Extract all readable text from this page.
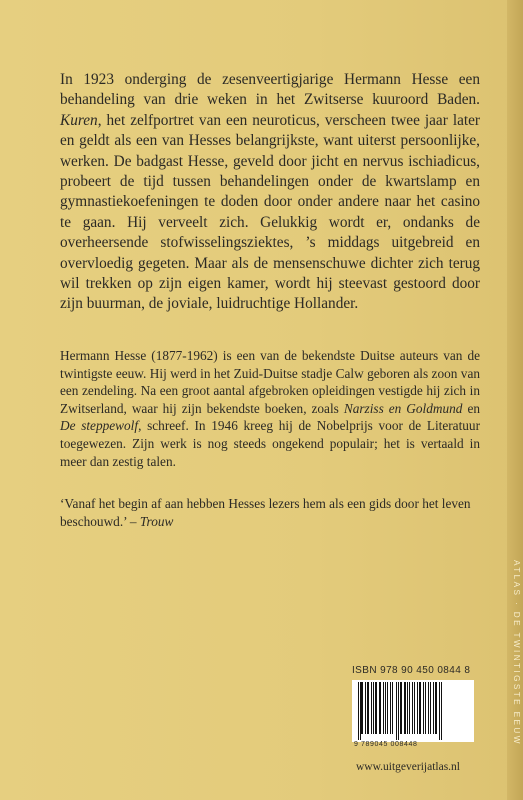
In 1923 onderging de zesenveertigjarige Hermann Hesse een behandeling van drie weken in het Zwitserse kuuroord Baden. Kuren, het zelfportret van een neuroticus, verscheen twee jaar later en geldt als een van Hesses belangrijkste, want uiterst persoonlijke, werken. De badgast Hesse, geveld door jicht en nervus ischiadicus, probeert de tijd tussen behandelingen onder de kwartslamp en gymnastiekoefeningen te doden door onder andere naar het casino te gaan. Hij verveelt zich. Gelukkig wordt er, ondanks de overheersende stofwisselingsziektes, ’s middags uitgebreid en overvloedig gegeten. Maar als de mensenschuwe dichter zich terug wil trekken op zijn eigen kamer, wordt hij steevast gestoord door zijn buurman, de joviale, luidruchtige Hollander.

Hermann Hesse (1877-1962) is een van de bekendste Duitse auteurs van de twintigste eeuw. Hij werd in het Zuid-Duitse stadje Calw geboren als zoon van een zendeling. Na een groot aantal afgebroken opleidingen vestigde hij zich in Zwitserland, waar hij zijn bekendste boeken, zoals Narziss en Goldmund en De steppewolf, schreef. In 1946 kreeg hij de Nobelprijs voor de Literatuur toegewezen. Zijn werk is nog steeds ongekend populair; het is vertaald in meer dan zestig talen.

‘Vanaf het begin af aan hebben Hesses lezers hem als een gids door het leven beschouwd.’ – Trouw

ATLAS · DE TWINTIGSTE EEUW
ISBN 978 90 450 0844 8
9 789045 008448
www.uitgeverijatlas.nl
